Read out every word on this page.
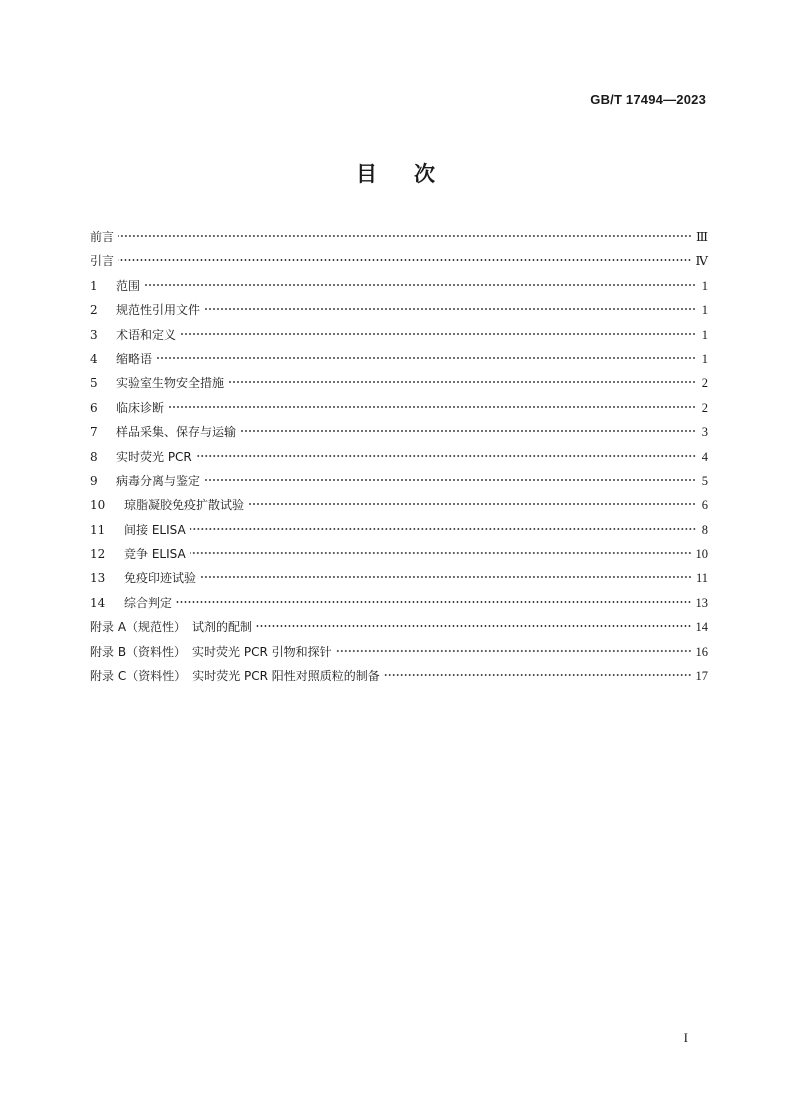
GB/T 17494—2023
目 次
前言	Ⅲ
引言	Ⅳ
1 范围	1
2 规范性引用文件	1
3 术语和定义	1
4 缩略语	1
5 实验室生物安全措施	2
6 临床诊断	2
7 样品采集、保存与运输	3
8 实时荧光 PCR	4
9 病毒分离与鉴定	5
10 琼脂凝胶免疫扩散试验	6
11 间接 ELISA	8
12 竞争 ELISA	10
13 免疫印迹试验	11
14 综合判定	13
附录 A（规范性）　试剂的配制	14
附录 B（资料性）　实时荧光 PCR 引物和探针	16
附录 C（资料性）　实时荧光 PCR 阳性对照质粒的制备	17
I
